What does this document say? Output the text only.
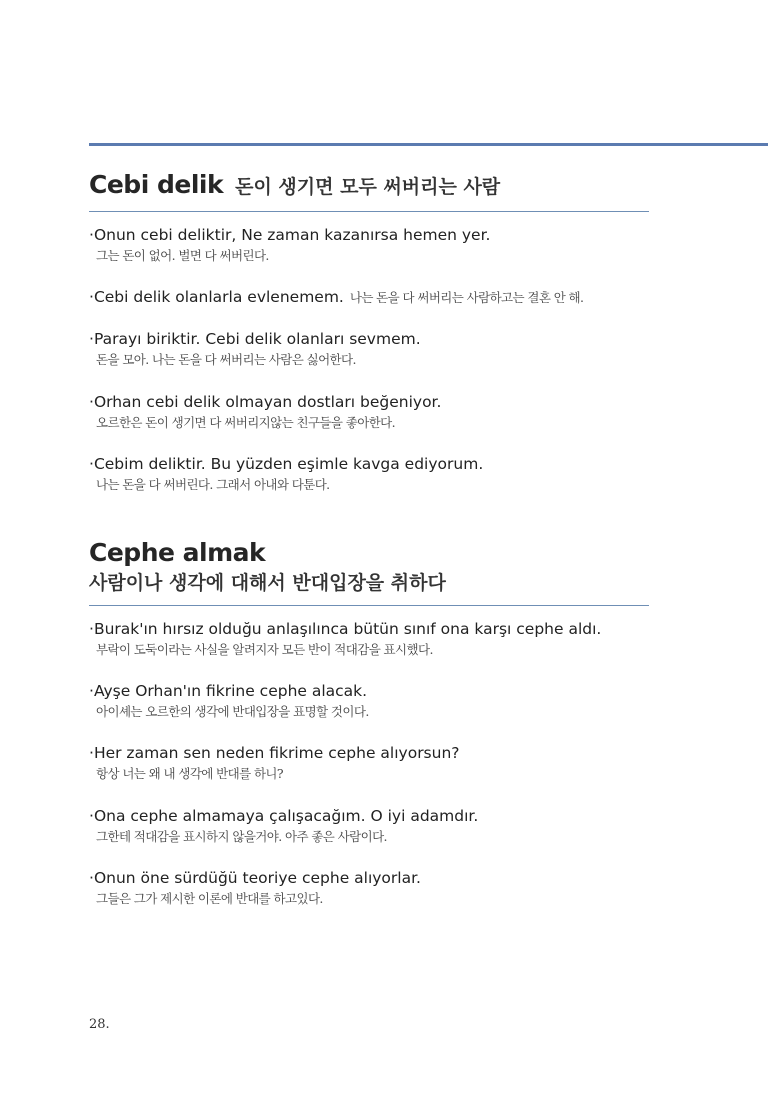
Cebi delik 돈이 생기면 모두 써버리는 사람
· Onun cebi deliktir, Ne zaman kazanırsa hemen yer.
그는 돈이 없어. 벌면 다 써버린다.
· Cebi delik olanlarla evlenemem. 나는 돈을 다 써버리는 사람하고는 결혼 안 해.
· Parayı biriktir. Cebi delik olanları sevmem.
돈을 모아. 나는 돈을 다 써버리는 사람은 싫어한다.
· Orhan cebi delik olmayan dostları beğeniyor.
오르한은 돈이 생기면 다 써버리지않는 친구들을 좋아한다.
· Cebim deliktir. Bu yüzden eşimle kavga ediyorum.
나는 돈을 다 써버린다. 그래서 아내와 다툰다.
Cephe almak
사람이나 생각에 대해서 반대입장을 취하다
· Burak'ın hırsız olduğu anlaşılınca bütün sınıf ona karşı cephe aldı.
부락이 도둑이라는 사실을 알려지자 모든 반이 적대감을 표시했다.
· Ayşe Orhan'ın fikrine cephe alacak.
아이셰는 오르한의 생각에 반대입장을 표명할 것이다.
· Her zaman sen neden fikrime cephe alıyorsun?
항상 너는 왜 내 생각에 반대를 하니?
· Ona cephe almamaya çalışacağım. O iyi adamdır.
그한테 적대감을 표시하지 않을거야. 아주 좋은 사람이다.
· Onun öne sürdüğü teoriye cephe alıyorlar.
그들은 그가 제시한 이론에 반대를 하고있다.
28.
